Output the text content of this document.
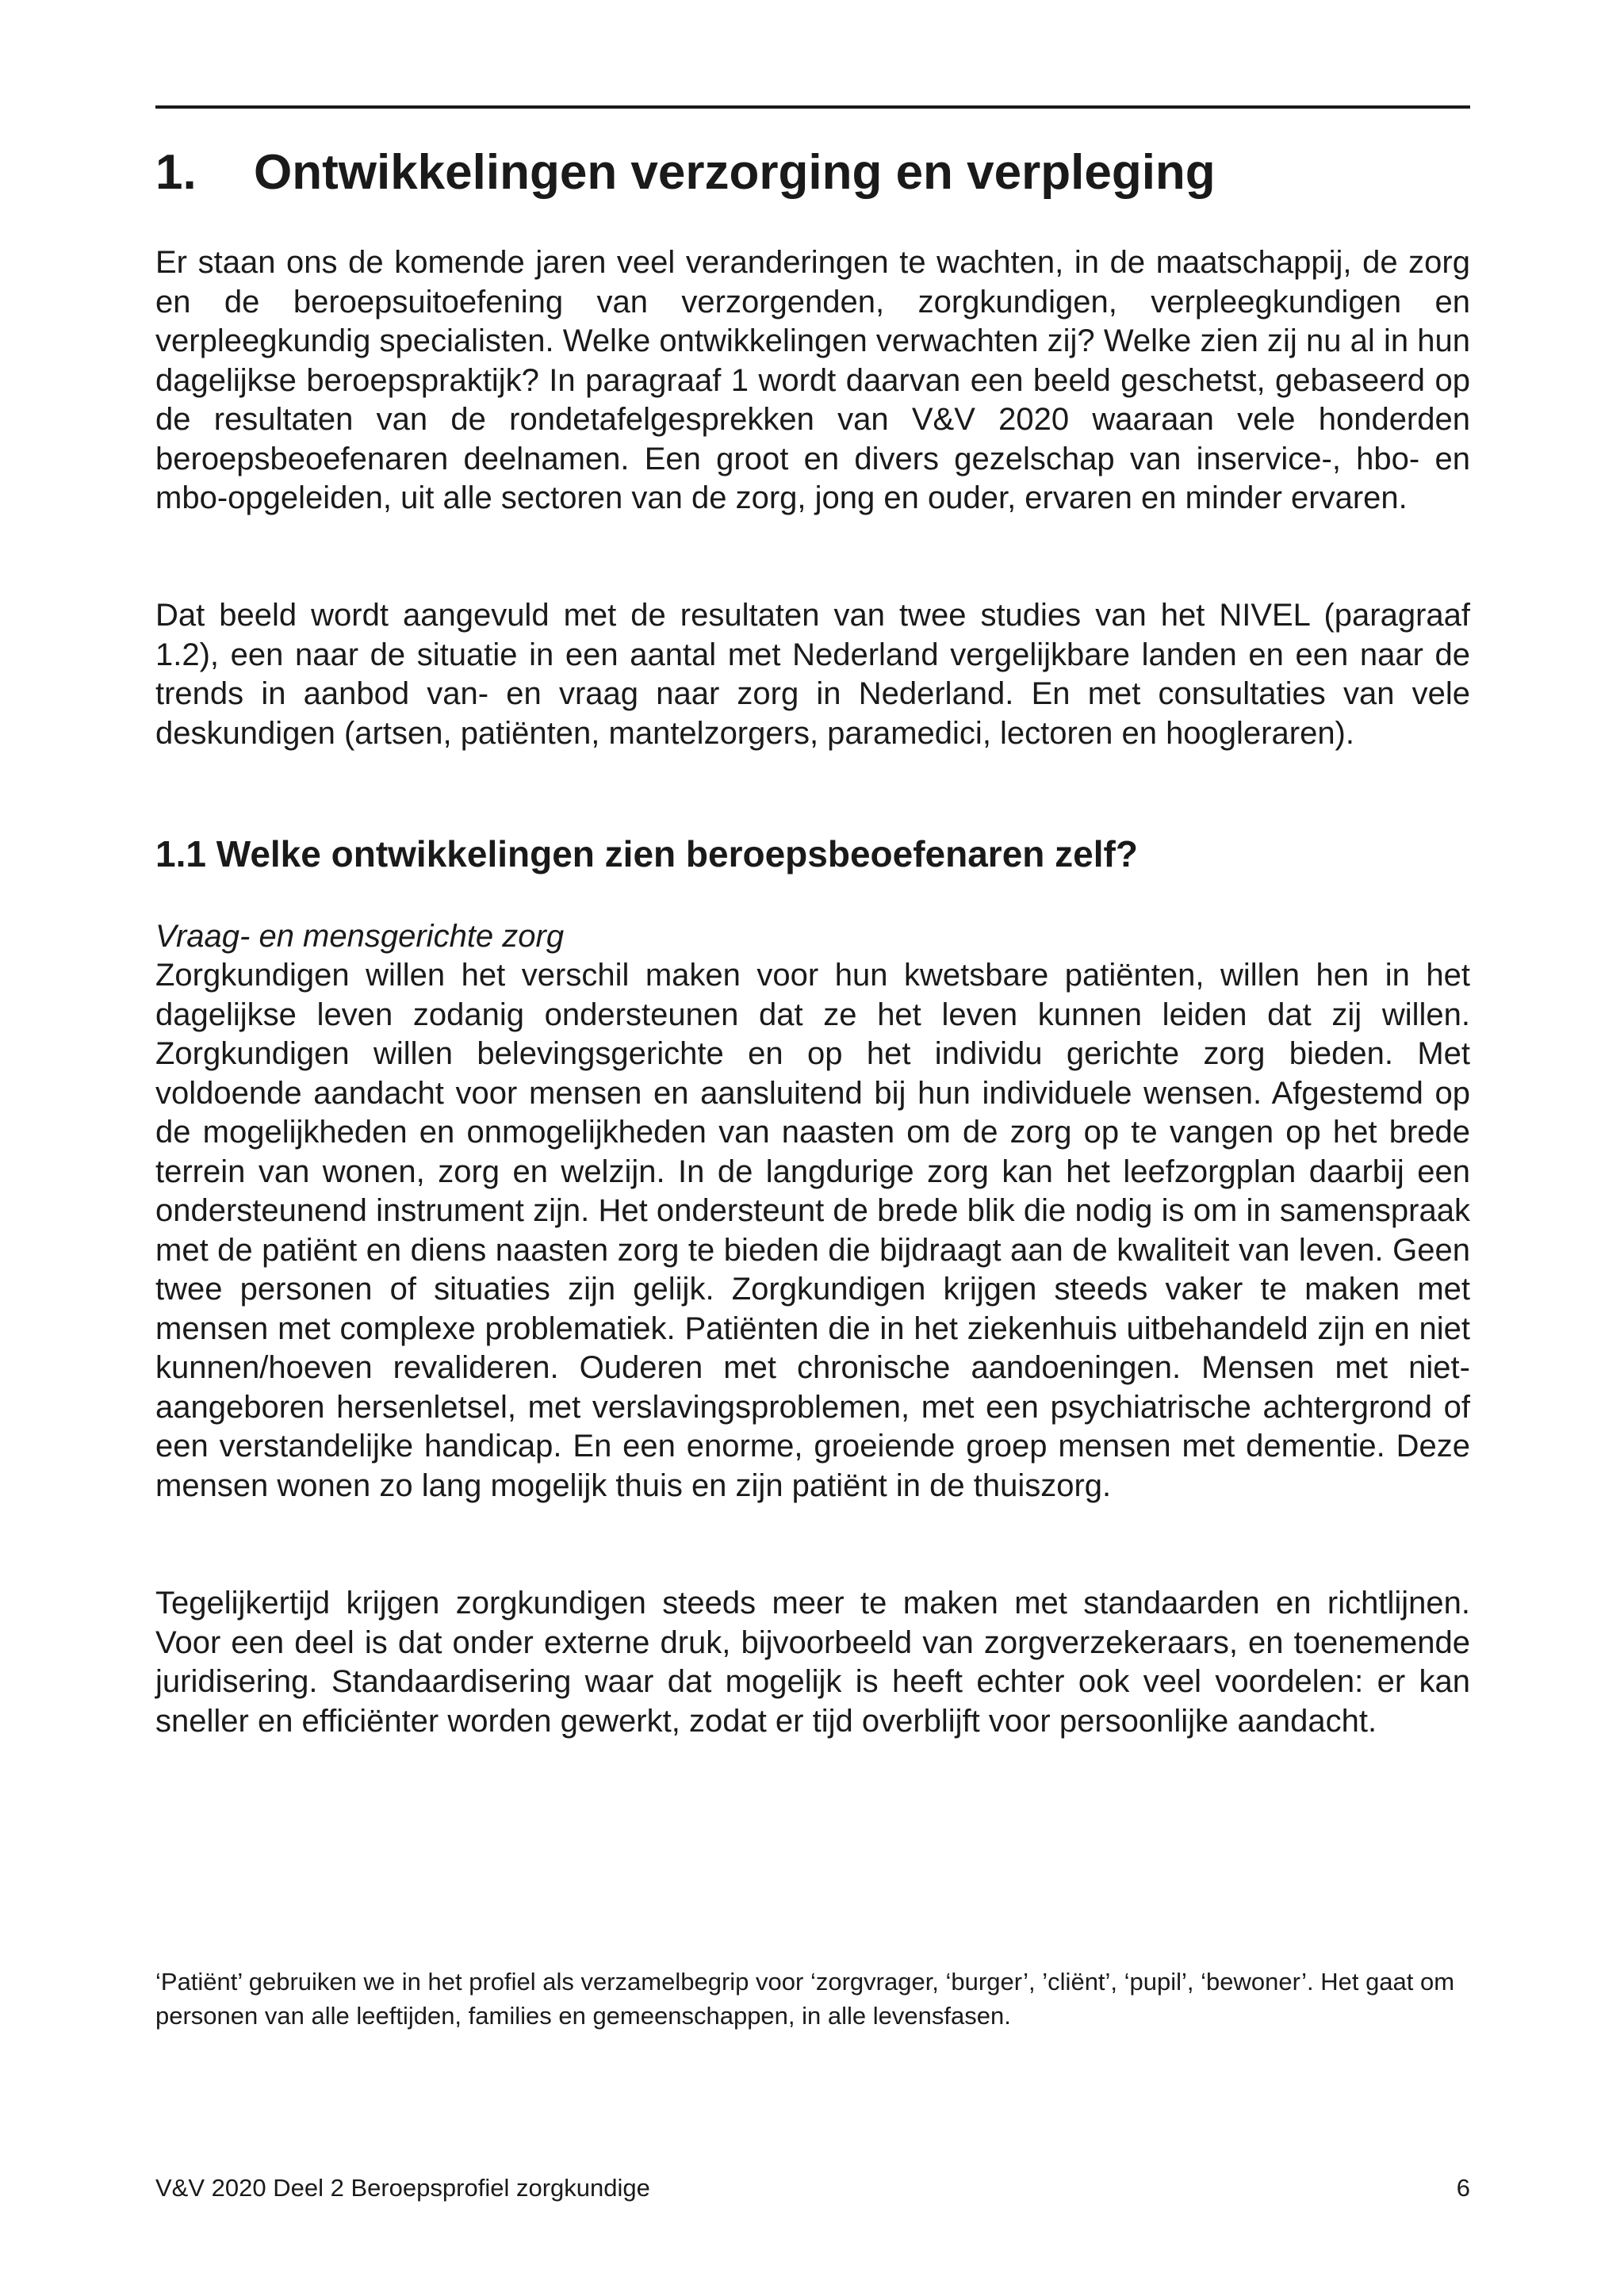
1. Ontwikkelingen verzorging en verpleging

Er staan ons de komende jaren veel veranderingen te wachten, in de maatschappij, de zorg en de beroepsuitoefening van verzorgenden, zorgkundigen, verpleegkundigen en verpleegkundig specialisten. Welke ontwikkelingen verwachten zij? Welke zien zij nu al in hun dagelijkse beroepspraktijk? In paragraaf 1 wordt daarvan een beeld geschetst, gebaseerd op de resultaten van de rondetafelgesprekken van V&V 2020 waaraan vele honderden beroepsbeoefenaren deelnamen. Een groot en divers gezelschap van inservice-, hbo- en mbo-opgeleiden, uit alle sectoren van de zorg, jong en ouder, ervaren en minder ervaren.

Dat beeld wordt aangevuld met de resultaten van twee studies van het NIVEL (paragraaf 1.2), een naar de situatie in een aantal met Nederland vergelijkbare landen en een naar de trends in aanbod van- en vraag naar zorg in Nederland. En met consultaties van vele deskundigen (artsen, patiënten, mantelzorgers, paramedici, lectoren en hoogleraren).

1.1 Welke ontwikkelingen zien beroepsbeoefenaren zelf?

Vraag- en mensgerichte zorg

Zorgkundigen willen het verschil maken voor hun kwetsbare patiënten, willen hen in het dagelijkse leven zodanig ondersteunen dat ze het leven kunnen leiden dat zij willen. Zorgkundigen willen belevingsgerichte en op het individu gerichte zorg bieden. Met voldoende aandacht voor mensen en aansluitend bij hun individuele wensen. Afgestemd op de mogelijkheden en onmogelijkheden van naasten om de zorg op te vangen op het brede terrein van wonen, zorg en welzijn. In de langdurige zorg kan het leefzorgplan daarbij een ondersteunend instrument zijn. Het ondersteunt de brede blik die nodig is om in samenspraak met de patiënt en diens naasten zorg te bieden die bijdraagt aan de kwaliteit van leven. Geen twee personen of situaties zijn gelijk. Zorgkundigen krijgen steeds vaker te maken met mensen met complexe problematiek. Patiënten die in het ziekenhuis uitbehandeld zijn en niet kunnen/hoeven revalideren. Ouderen met chronische aandoeningen. Mensen met niet-aangeboren hersenletsel, met verslavingsproblemen, met een psychiatrische achtergrond of een verstandelijke handicap. En een enorme, groeiende groep mensen met dementie. Deze mensen wonen zo lang mogelijk thuis en zijn patiënt in de thuiszorg.

Tegelijkertijd krijgen zorgkundigen steeds meer te maken met standaarden en richtlijnen. Voor een deel is dat onder externe druk, bijvoorbeeld van zorgverzekeraars, en toenemende juridisering. Standaardisering waar dat mogelijk is heeft echter ook veel voordelen: er kan sneller en efficiënter worden gewerkt, zodat er tijd overblijft voor persoonlijke aandacht.

‘Patiënt’ gebruiken we in het profiel als verzamelbegrip voor ‘zorgvrager, ‘burger’, ’cliënt’, ‘pupil’, ‘bewoner’. Het gaat om personen van alle leeftijden, families en gemeenschappen, in alle levensfasen.

V&V 2020 Deel 2 Beroepsprofiel zorgkundige	6
